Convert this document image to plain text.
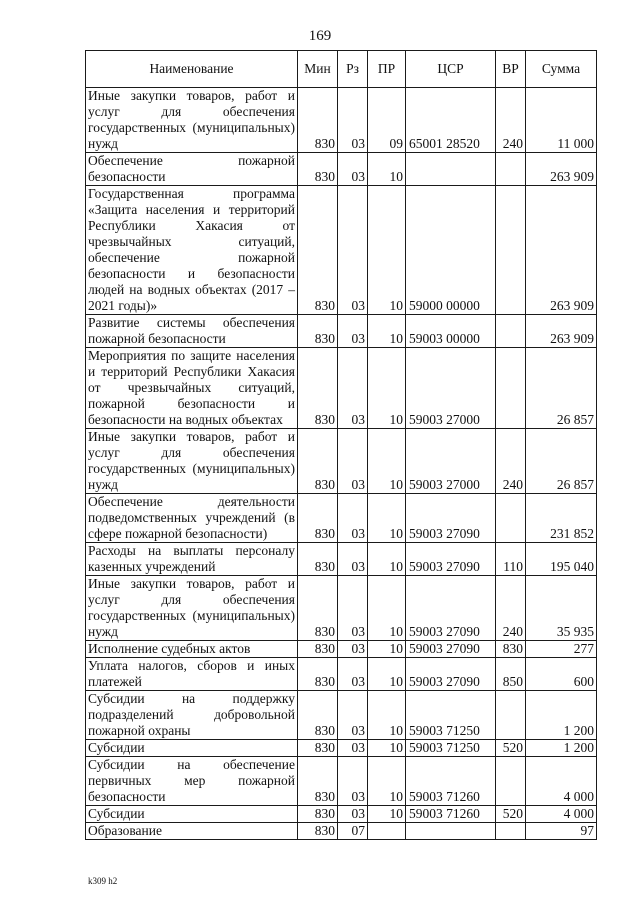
169
Наименование	Мин	Рз	ПР	ЦСР	ВР	Сумма
Иные закупки товаров, работ и услуг для обеспечения государственных (муниципальных) нужд	830	03	09	65001 28520	240	11 000
Обеспечение пожарной безопасности	830	03	10			263 909
Государственная программа «Защита населения и территорий Республики Хакасия от чрезвычайных ситуаций, обеспечение пожарной безопасности и безопасности людей на водных объектах (2017 – 2021 годы)»	830	03	10	59000 00000		263 909
Развитие системы обеспечения пожарной безопасности	830	03	10	59003 00000		263 909
Мероприятия по защите населения и территорий Республики Хакасия от чрезвычайных ситуаций, пожарной безопасности и безопасности на водных объектах	830	03	10	59003 27000		26 857
Иные закупки товаров, работ и услуг для обеспечения государственных (муниципальных) нужд	830	03	10	59003 27000	240	26 857
Обеспечение деятельности подведомственных учреждений (в сфере пожарной безопасности)	830	03	10	59003 27090		231 852
Расходы на выплаты персоналу казенных учреждений	830	03	10	59003 27090	110	195 040
Иные закупки товаров, работ и услуг для обеспечения государственных (муниципальных) нужд	830	03	10	59003 27090	240	35 935
Исполнение судебных актов	830	03	10	59003 27090	830	277
Уплата налогов, сборов и иных платежей	830	03	10	59003 27090	850	600
Субсидии на поддержку подразделений добровольной пожарной охраны	830	03	10	59003 71250		1 200
Субсидии	830	03	10	59003 71250	520	1 200
Субсидии на обеспечение первичных мер пожарной безопасности	830	03	10	59003 71260		4 000
Субсидии	830	03	10	59003 71260	520	4 000
Образование	830	07				97
k309 h2
